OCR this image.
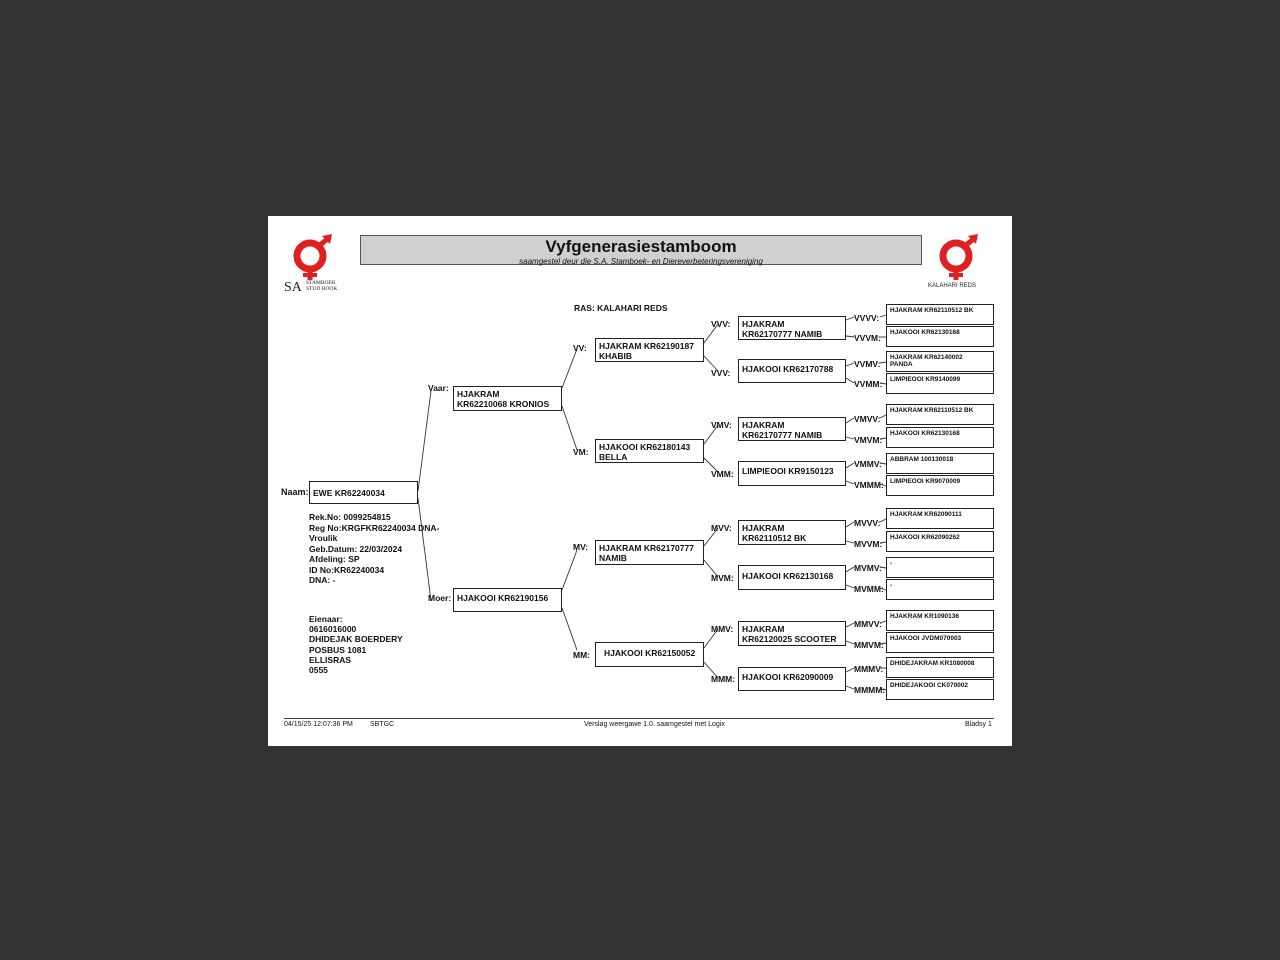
SA STAMBOEK
STUD BOOK
Vyfgenerasiestamboom
saamgestel deur die S.A. Stamboek- en Diereverbeteringsvereniging
KALAHARI REDS
RAS: KALAHARI REDS
Naam: EWE KR62240034
Rek.No: 0099254815
Reg No:KRGFKR62240034 DNA-
Vroulik
Geb.Datum: 22/03/2024
Afdeling: SP
ID No:KR62240034
DNA: -
Eienaar:
0616016000
DHIDEJAK BOERDERY
POSBUS 1081
ELLISRAS
0555
Vaar:
HJAKRAM
KR62210068 KRONIOS
Moer: HJAKOOI KR62190156
VV:	HJAKRAM KR62190187
KHABIB
VM:	HJAKOOI KR62180143
BELLA
MV:	HJAKRAM KR62170777
NAMIB
MM:	HJAKOOI KR62150052
VVV:	HJAKRAM
KR62170777 NAMIB
VVV:	HJAKOOI KR62170788
VMV:	HJAKRAM
KR62170777 NAMIB
VMM: LIMPIEOOI KR9150123
MVV:	HJAKRAM
KR62110512 BK
MVM: HJAKOOI KR62130168
MMV:	HJAKRAM
KR62120025 SCOOTER
MMM: HJAKOOI KR62090009
VVVV:
HJAKRAM KR62110512 BK
VVVM:
HJAKOOI KR62130168
VVMV:
HJAKRAM KR62140002
PANDA
VVMM:	LIMPIEOOI KR9140099
VMVV:
HJAKRAM KR62110512 BK
VMVM:
HJAKOOI KR62130168
VMMV:	ABBRAM 100130018
VMMM: LIMPIEOOI KR9070009
MVVV:
HJAKRAM KR62090111
MVVM:
HJAKOOI KR62090262
MVMV:	-
MVMM: -
MMVV:
HJAKRAM KR1090136
MMVM:
HJAKOOI JVDM070003
MMMV:
DHIDEJAKRAM KR1080008
MMMM: DHIDEJAKOOI CK070002
04/15/25 12:07:36 PM SBTGC	Verslag weergawe 1.0. saamgestel met Logix	Bladsy 1
